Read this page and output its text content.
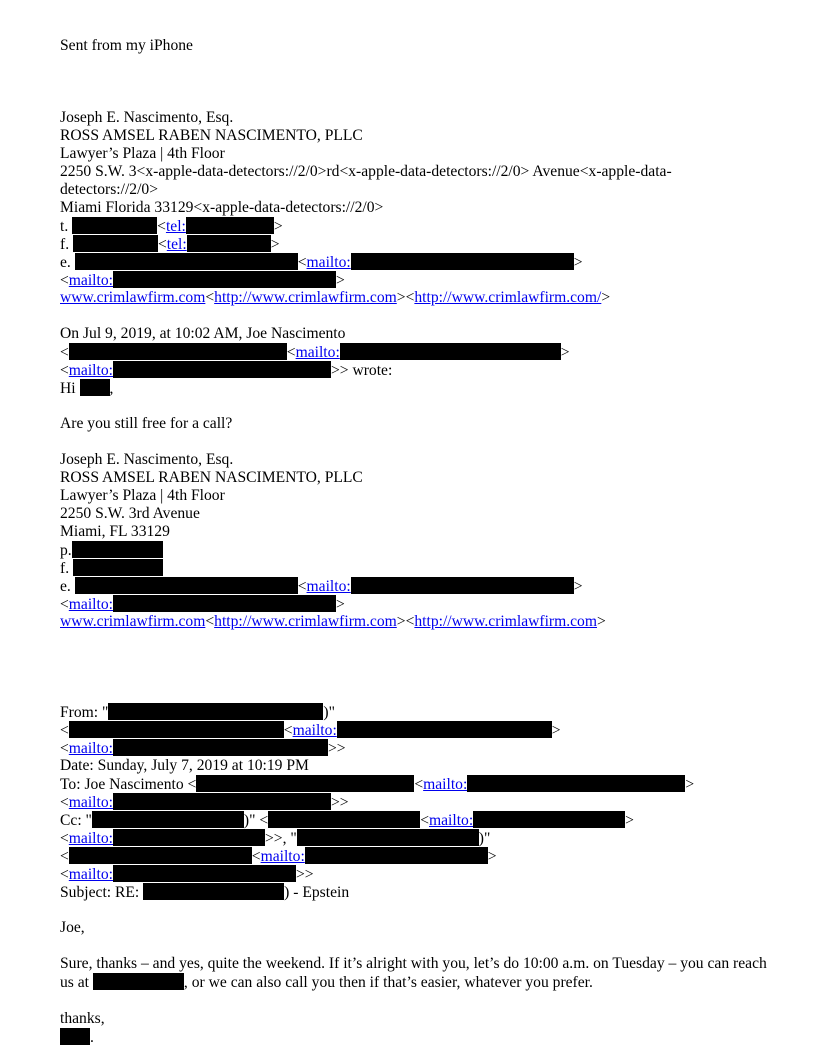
Sent from my iPhone
Joseph E. Nascimento, Esq.
ROSS AMSEL RABEN NASCIMENTO, PLLC
Lawyer’s Plaza | 4th Floor
2250 S.W. 3<x-apple-data-detectors://2/0>rd<x-apple-data-detectors://2/0> Avenue<x-apple-data-
detectors://2/0>
Miami Florida 33129<x-apple-data-detectors://2/0>
t.	<tel:	>
f.	<tel:	>
e.	<mailto:	>
<mailto:	>
www.crimlawfirm.com<http://www.crimlawfirm.com><http://www.crimlawfirm.com/>
On Jul 9, 2019, at 10:02 AM, Joe Nascimento
<	<mailto:	>
<mailto:	>> wrote:
Hi ,
Are you still free for a call?
Joseph E. Nascimento, Esq.
ROSS AMSEL RABEN NASCIMENTO, PLLC
Lawyer’s Plaza | 4th Floor
2250 S.W. 3rd Avenue
Miami, FL 33129
p.
f.
e.	<mailto:	>
<mailto:	>
www.crimlawfirm.com<http://www.crimlawfirm.com><http://www.crimlawfirm.com>
From: "	)"
<	<mailto:	>
<mailto:	>>
Date: Sunday, July 7, 2019 at 10:19 PM
To: Joe Nascimento <	<mailto:	>
<mailto:	>>
Cc: "	)" <	<mailto:	>
<mailto:	>>, "	)"
<	<mailto:	>
<mailto:	>>
Subject: RE:	) - Epstein
Joe,
Sure, thanks – and yes, quite the weekend. If it’s alright with you, let’s do 10:00 a.m. on Tuesday – you can reach us at	, or we can also call you then if that’s easier, whatever you prefer.
thanks,
.
